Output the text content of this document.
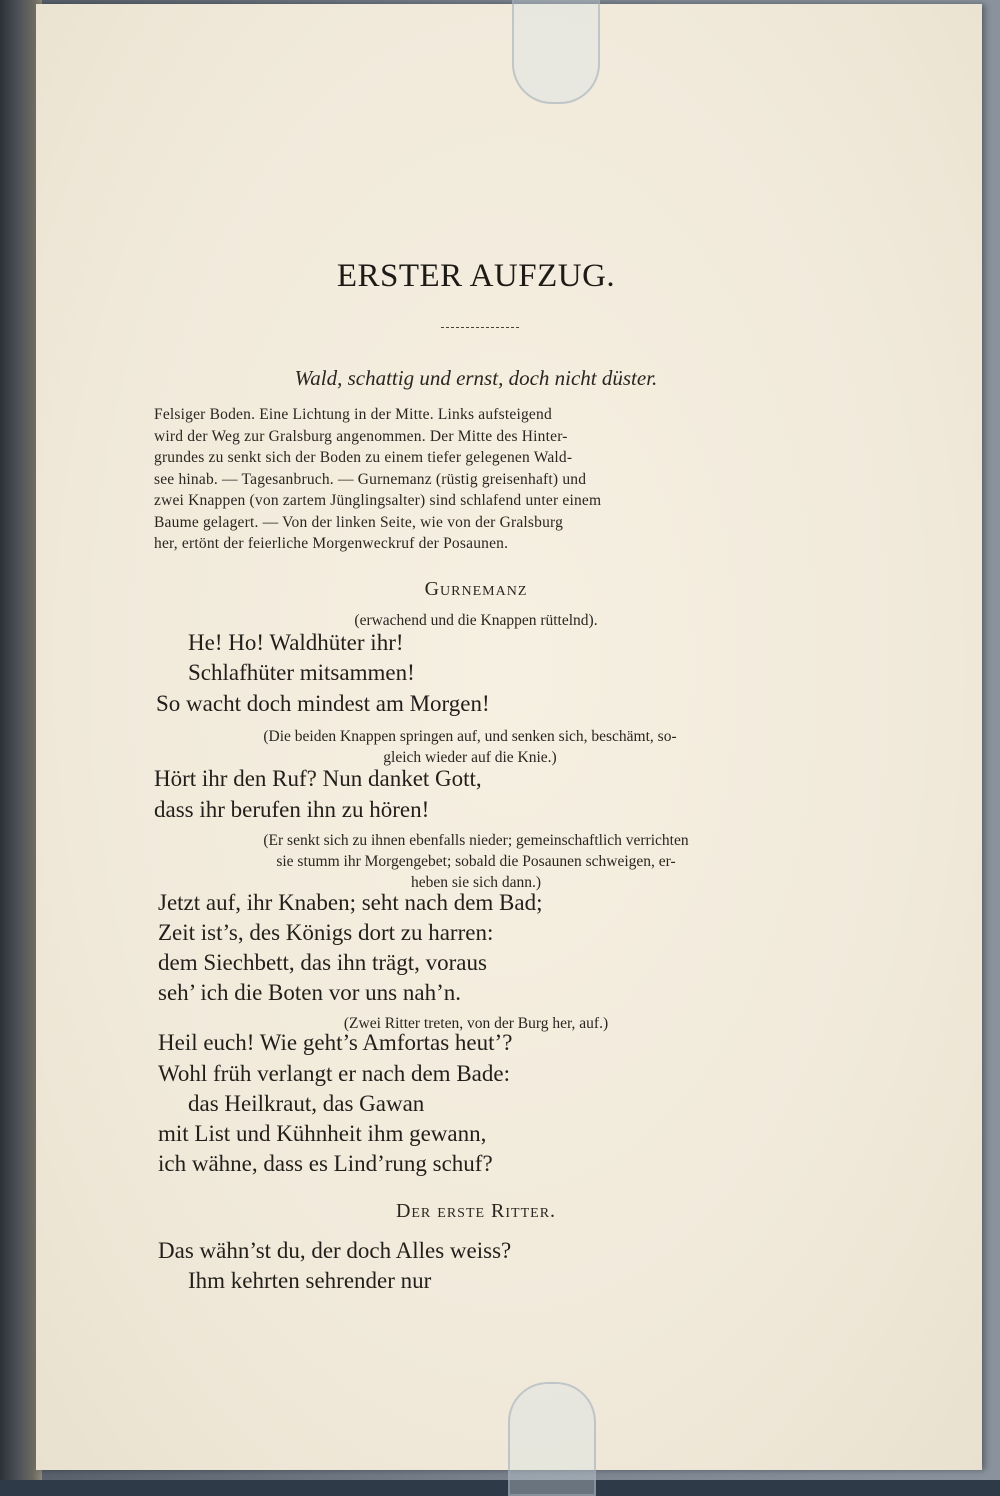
ERSTER AUFZUG.
Wald, schattig und ernst, doch nicht düster.

Felsiger Boden. Eine Lichtung in der Mitte. Links aufsteigend

wird der Weg zur Gralsburg angenommen. Der Mitte des Hinter-

grundes zu senkt sich der Boden zu einem tiefer gelegenen Wald-

see hinab. — Tagesanbruch. — Gurnemanz (rüstig greisenhaft) und

zwei Knappen (von zartem Jünglingsalter) sind schlafend unter einem

Baume gelagert. — Von der linken Seite, wie von der Gralsburg

her, ertönt der feierliche Morgenweckruf der Posaunen.

Gurnemanz
(erwachend und die Knappen rüttelnd).
He! Ho! Waldhüter ihr!
Schlafhüter mitsammen!
So wacht doch mindest am Morgen!
(Die beiden Knappen springen auf, und senken sich, beschämt, so-
gleich wieder auf die Knie.)
Hört ihr den Ruf? Nun danket Gott,
dass ihr berufen ihn zu hören!
(Er senkt sich zu ihnen ebenfalls nieder; gemeinschaftlich verrichten
sie stumm ihr Morgengebet; sobald die Posaunen schweigen, er-
heben sie sich dann.)
Jetzt auf, ihr Knaben; seht nach dem Bad;
Zeit ist’s, des Königs dort zu harren:
dem Siechbett, das ihn trägt, voraus
seh’ ich die Boten vor uns nah’n.
(Zwei Ritter treten, von der Burg her, auf.)
Heil euch! Wie geht’s Amfortas heut’?
Wohl früh verlangt er nach dem Bade:
das Heilkraut, das Gawan
mit List und Kühnheit ihm gewann,
ich wähne, dass es Lind’rung schuf?
Der erste Ritter.
Das wähn’st du, der doch Alles weiss?
Ihm kehrten sehrender nur
